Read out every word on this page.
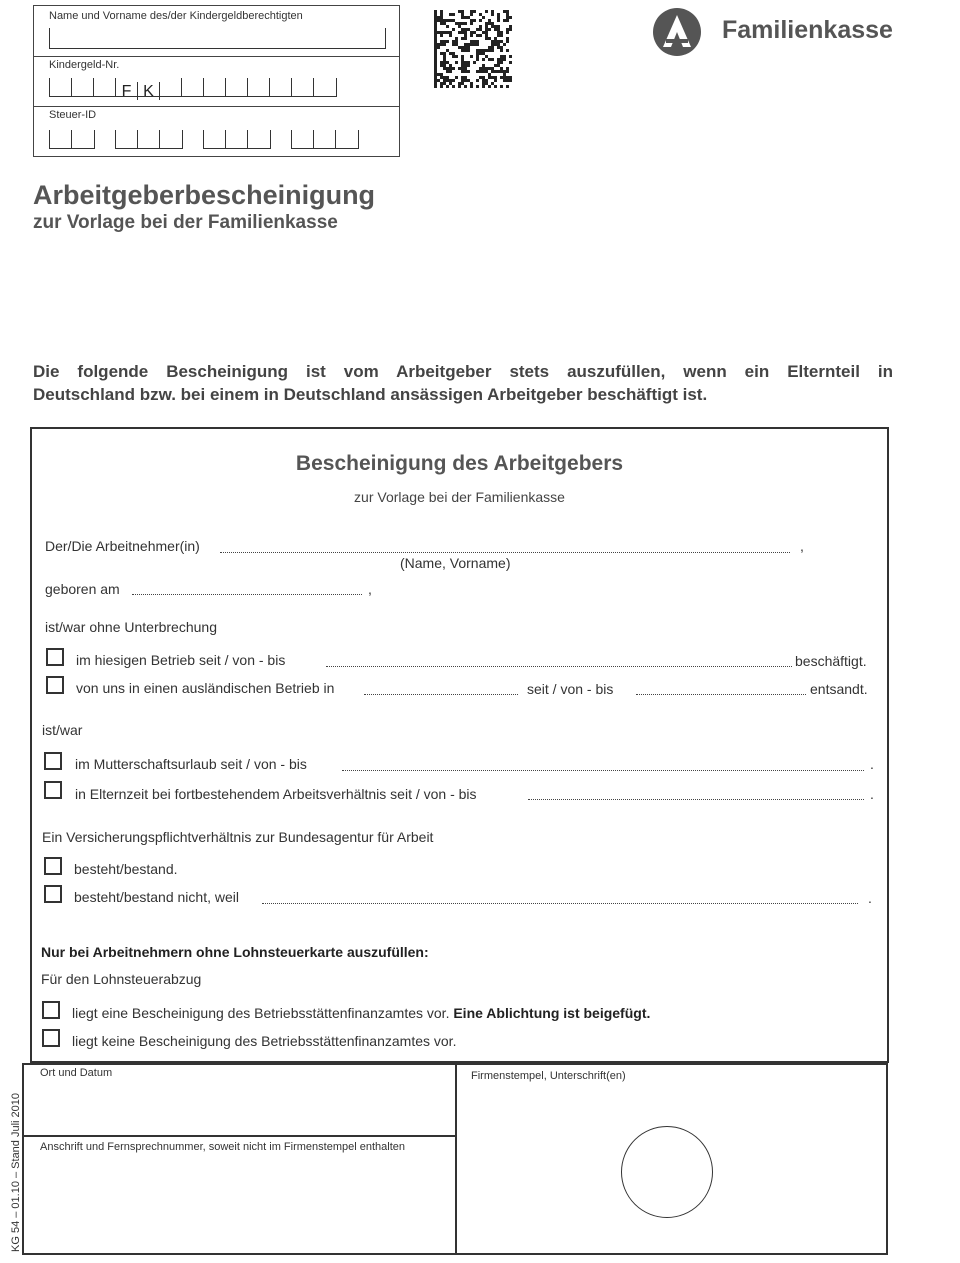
Name und Vorname des/der Kindergeldberechtigten
Kindergeld-Nr.
F K
Steuer-ID
Familienkasse
Arbeitgeberbescheinigung
zur Vorlage bei der Familienkasse
Die folgende Bescheinigung ist vom Arbeitgeber stets auszufüllen, wenn ein Elternteil in
Deutschland bzw. bei einem in Deutschland ansässigen Arbeitgeber beschäftigt ist.
Bescheinigung des Arbeitgebers
zur Vorlage bei der Familienkasse
Der/Die Arbeitnehmer(in)	,
(Name, Vorname)
geboren am	,
ist/war ohne Unterbrechung
im hiesigen Betrieb seit / von - bis	beschäftigt.
von uns in einen ausländischen Betrieb in	seit / von - bis	entsandt.
ist/war
im Mutterschaftsurlaub seit / von - bis	.
in Elternzeit bei fortbestehendem Arbeitsverhältnis seit / von - bis	.
Ein Versicherungspflichtverhältnis zur Bundesagentur für Arbeit
besteht/bestand.
besteht/bestand nicht, weil	.
Nur bei Arbeitnehmern ohne Lohnsteuerkarte auszufüllen:
Für den Lohnsteuerabzug
liegt eine Bescheinigung des Betriebsstättenfinanzamtes vor. Eine Ablichtung ist beigefügt.
liegt keine Bescheinigung des Betriebsstättenfinanzamtes vor.
Ort und Datum	Firmenstempel, Unterschrift(en)
Anschrift und Fernsprechnummer, soweit nicht im Firmenstempel enthalten
KG 54 – 01.10 – Stand Juli 2010
